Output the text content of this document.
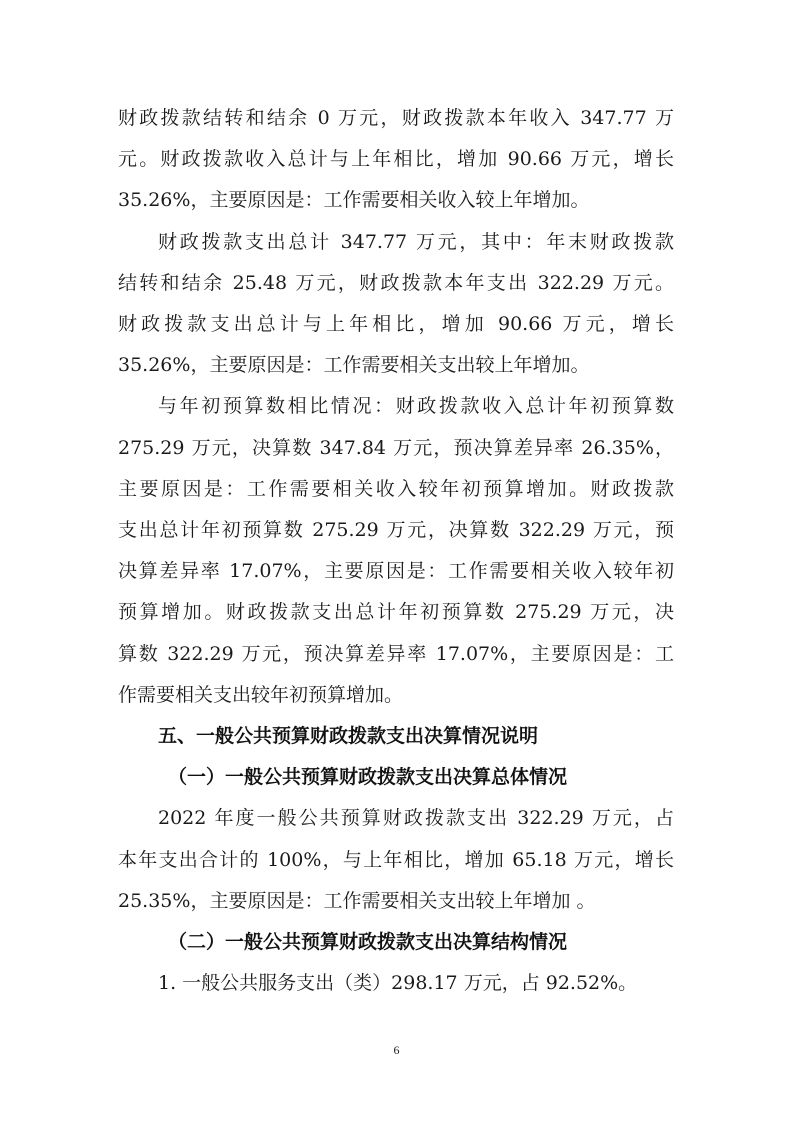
财政拨款结转和结余 0 万元，财政拨款本年收入 347.77 万
元。财政拨款收入总计与上年相比，增加 90.66 万元，增长
35.26%，主要原因是：工作需要相关收入较上年增加。
财政拨款支出总计 347.77 万元，其中：年末财政拨款
结转和结余 25.48 万元，财政拨款本年支出 322.29 万元。
财政拨款支出总计与上年相比，增加 90.66 万元，增长
35.26%，主要原因是：工作需要相关支出较上年增加。
与年初预算数相比情况：财政拨款收入总计年初预算数
275.29 万元，决算数 347.84 万元，预决算差异率 26.35%，
主要原因是：工作需要相关收入较年初预算增加。财政拨款
支出总计年初预算数 275.29 万元，决算数 322.29 万元，预
决算差异率 17.07%，主要原因是：工作需要相关收入较年初
预算增加。财政拨款支出总计年初预算数 275.29 万元，决
算数 322.29 万元，预决算差异率 17.07%，主要原因是：工
作需要相关支出较年初预算增加。
五、一般公共预算财政拨款支出决算情况说明
（一）一般公共预算财政拨款支出决算总体情况
2022 年度一般公共预算财政拨款支出 322.29 万元，占
本年支出合计的 100%，与上年相比，增加 65.18 万元，增长
25.35%，主要原因是：工作需要相关支出较上年增加 。
（二）一般公共预算财政拨款支出决算结构情况
1. 一般公共服务支出（类）298.17 万元，占 92.52%。
6
